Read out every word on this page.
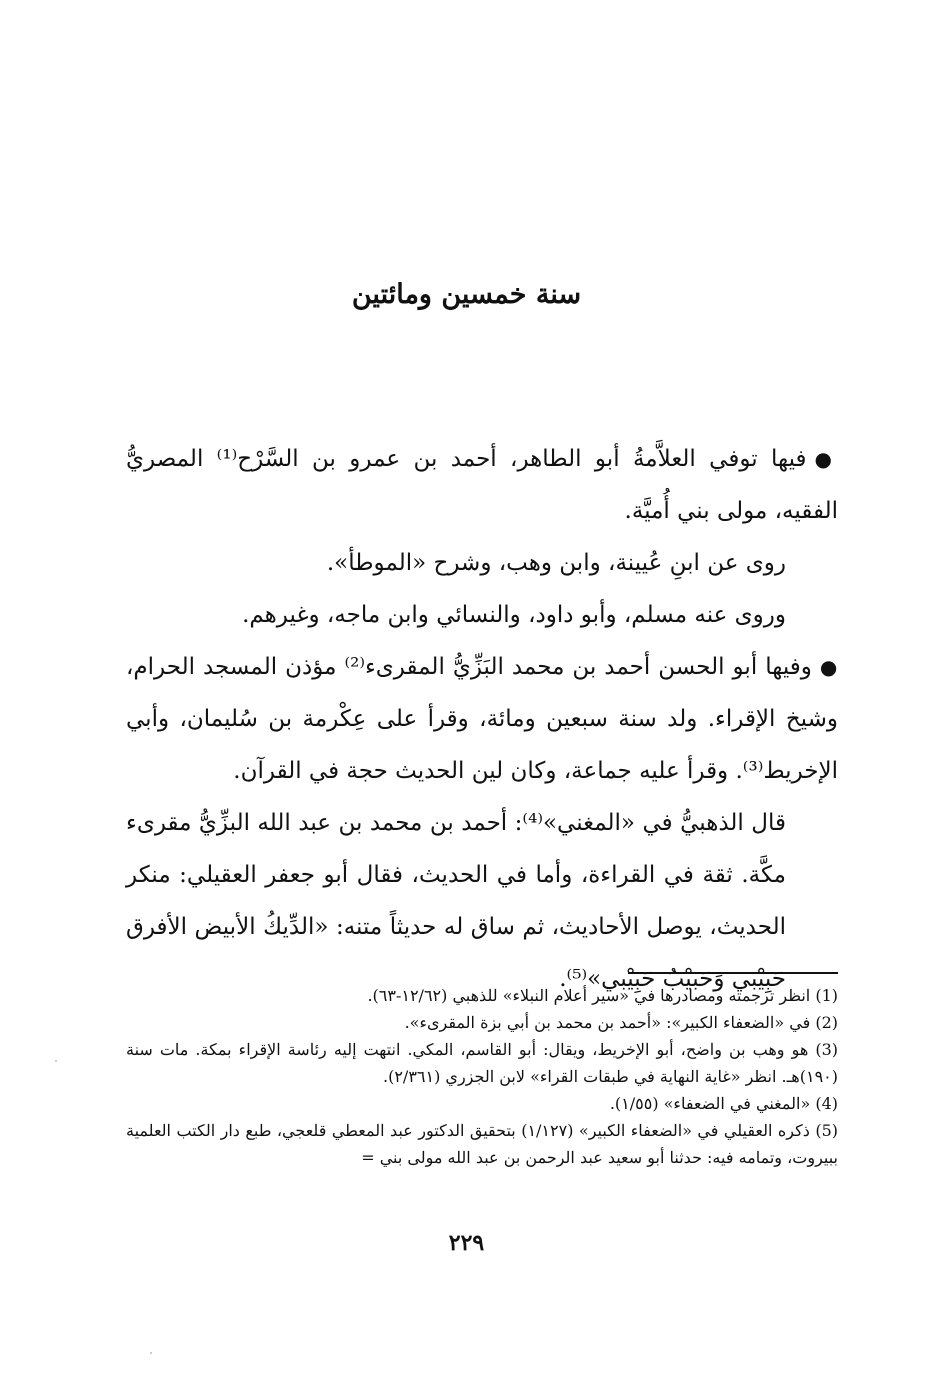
سنة خمسين ومائتين

●فيها توفي العلاَّمةُ أبو الطاهر، أحمد بن عمرو بن السَّرْح⁽¹⁾ المصريُّ الفقيه، مولى بني أُميَّة.

روى عن ابنِ عُيينة، وابن وهب، وشرح «الموطأ».

وروى عنه مسلم، وأبو داود، والنسائي وابن ماجه، وغيرهم.

●وفيها أبو الحسن أحمد بن محمد البَزِّيُّ المقرىء⁽²⁾ مؤذن المسجد الحرام، وشيخ الإقراء. ولد سنة سبعين ومائة، وقرأ على عِكْرمة بن سُليمان، وأبي الإخريط⁽³⁾. وقرأ عليه جماعة، وكان لين الحديث حجة في القرآن.

قال الذهبيُّ في «المغني»⁽⁴⁾: أحمد بن محمد بن عبد الله البزِّيُّ مقرىء مكَّة. ثقة في القراءة، وأما في الحديث، فقال أبو جعفر العقيلي: منكر الحديث، يوصل الأحاديث، ثم ساق له حديثاً متنه: «الدِّيكُ الأبيض الأفرق حَبِيْبي وَحَبيْبُ حَبِيْبي»⁽⁵⁾.

(1) انظر ترجمته ومصادرها في «سير أعلام النبلاء» للذهبي (١٢/٦٢-٦٣).

(2) في «الضعفاء الكبير»: «أحمد بن محمد بن أبي بزة المقرىء».

(3) هو وهب بن واضح، أبو الإخريط، ويقال: أبو القاسم، المكي. انتهت إليه رئاسة الإقراء بمكة. مات سنة (١٩٠)هـ. انظر «غاية النهاية في طبقات القراء» لابن الجزري (٢/٣٦١).

(4) «المغني في الضعفاء» (١/٥٥).

(5) ذكره العقيلي في «الضعفاء الكبير» (١/١٢٧) بتحقيق الدكتور عبد المعطي قلعجي، طبع دار الكتب العلمية ببيروت، وتمامه فيه: حدثنا أبو سعيد عبد الرحمن بن عبد الله مولى بني =

٢٢٩
